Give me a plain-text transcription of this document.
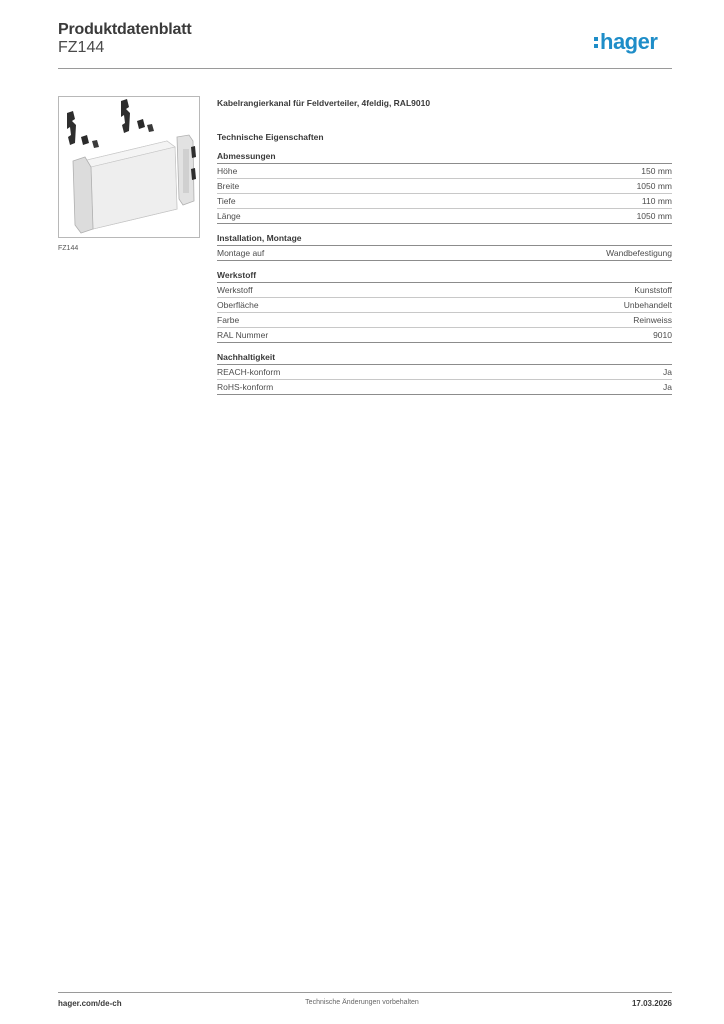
Produktdatenblatt
FZ144	hager
FZ144
Kabelrangierkanal für Feldverteiler, 4feldig, RAL9010
Technische Eigenschaften
Abmessungen
Höhe	150 mm
Breite	1050 mm
Tiefe	110 mm
Länge	1050 mm
Installation, Montage
Montage auf	Wandbefestigung
Werkstoff
Werkstoff	Kunststoff
Oberfläche	Unbehandelt
Farbe	Reinweiss
RAL Nummer	9010
Nachhaltigkeit
REACH-konform	Ja
RoHS-konform	Ja
hager.com/de-ch	Technische Änderungen vorbehalten	17.03.2026
